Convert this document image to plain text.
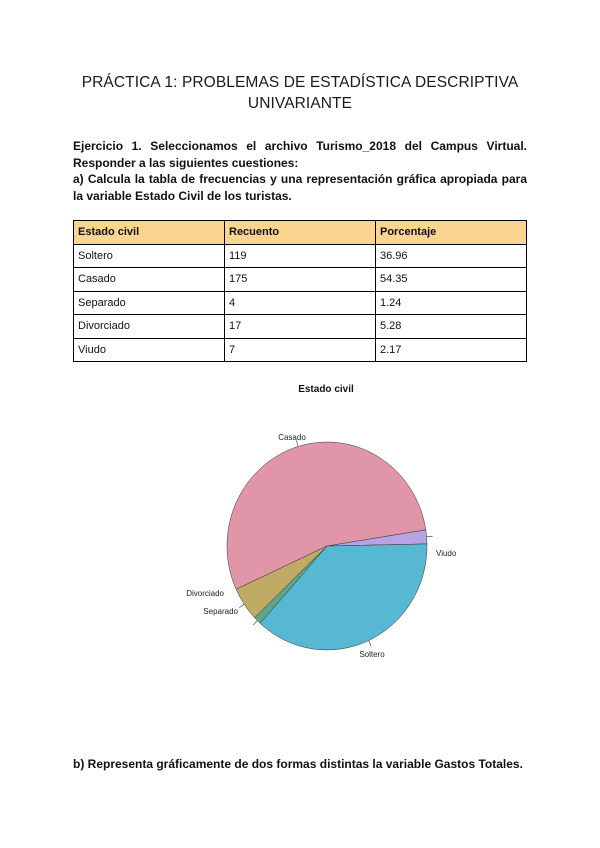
PRÁCTICA 1: PROBLEMAS DE ESTADÍSTICA DESCRIPTIVA
UNIVARIANTE

Ejercicio 1. Seleccionamos el archivo Turismo_2018 del Campus Virtual.

Responder a las siguientes cuestiones:

a) Calcula la tabla de frecuencias y una representación gráfica apropiada para

la variable Estado Civil de los turistas.

Estado civil	Recuento	Porcentaje
Soltero	119	36.96
Casado	175	54.35
Separado	4	1.24
Divorciado	17	5.28
Viudo	7	2.17
Estado civil
Viudo
Casado
Divorciado
Separado
Soltero
b) Representa gráficamente de dos formas distintas la variable Gastos Totales.
